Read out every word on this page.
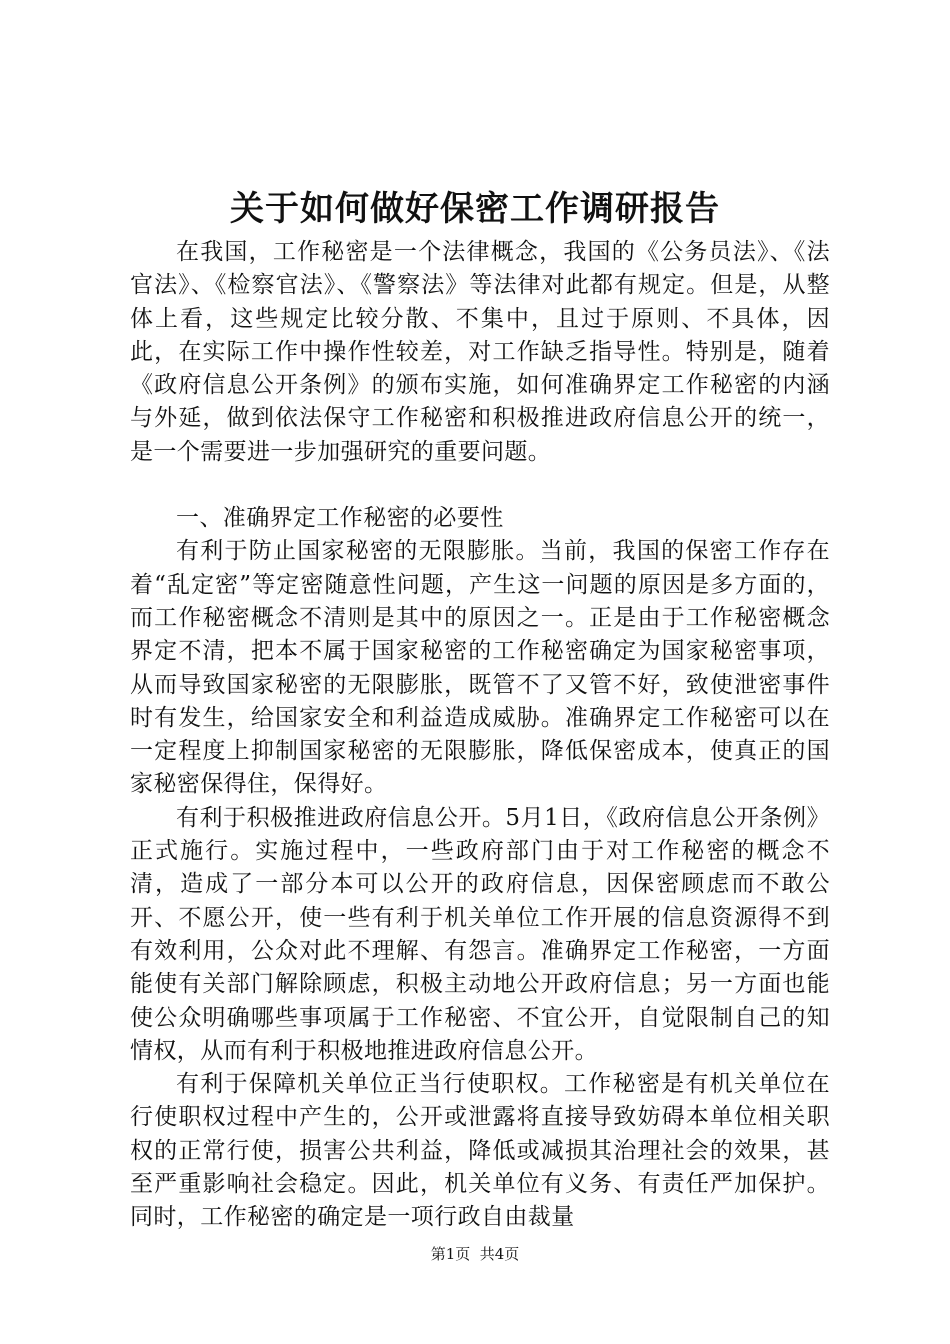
关于如何做好保密工作调研报告

在我国，工作秘密是一个法律概念，我国的《公务员法》、《法官法》、《检察官法》、《警察法》等法律对此都有规定。但是，从整体上看，这些规定比较分散、不集中，且过于原则、不具体，因此，在实际工作中操作性较差，对工作缺乏指导性。特别是，随着《政府信息公开条例》的颁布实施，如何准确界定工作秘密的内涵与外延，做到依法保守工作秘密和积极推进政府信息公开的统一，是一个需要进一步加强研究的重要问题。

一、准确界定工作秘密的必要性

有利于防止国家秘密的无限膨胀。当前，我国的保密工作存在着“乱定密”等定密随意性问题，产生这一问题的原因是多方面的，而工作秘密概念不清则是其中的原因之一。正是由于工作秘密概念界定不清，把本不属于国家秘密的工作秘密确定为国家秘密事项，从而导致国家秘密的无限膨胀，既管不了又管不好，致使泄密事件时有发生，给国家安全和利益造成威胁。准确界定工作秘密可以在一定程度上抑制国家秘密的无限膨胀，降低保密成本，使真正的国家秘密保得住，保得好。

有利于积极推进政府信息公开。5月1日，《政府信息公开条例》正式施行。实施过程中，一些政府部门由于对工作秘密的概念不清，造成了一部分本可以公开的政府信息，因保密顾虑而不敢公开、不愿公开，使一些有利于机关单位工作开展的信息资源得不到有效利用，公众对此不理解、有怨言。准确界定工作秘密，一方面能使有关部门解除顾虑，积极主动地公开政府信息；另一方面也能使公众明确哪些事项属于工作秘密、不宜公开，自觉限制自己的知情权，从而有利于积极地推进政府信息公开。

有利于保障机关单位正当行使职权。工作秘密是有机关单位在行使职权过程中产生的，公开或泄露将直接导致妨碍本单位相关职权的正常行使，损害公共利益，降低或减损其治理社会的效果，甚至严重影响社会稳定。因此，机关单位有义务、有责任严加保护。同时，工作秘密的确定是一项行政自由裁量

第1页  共4页
